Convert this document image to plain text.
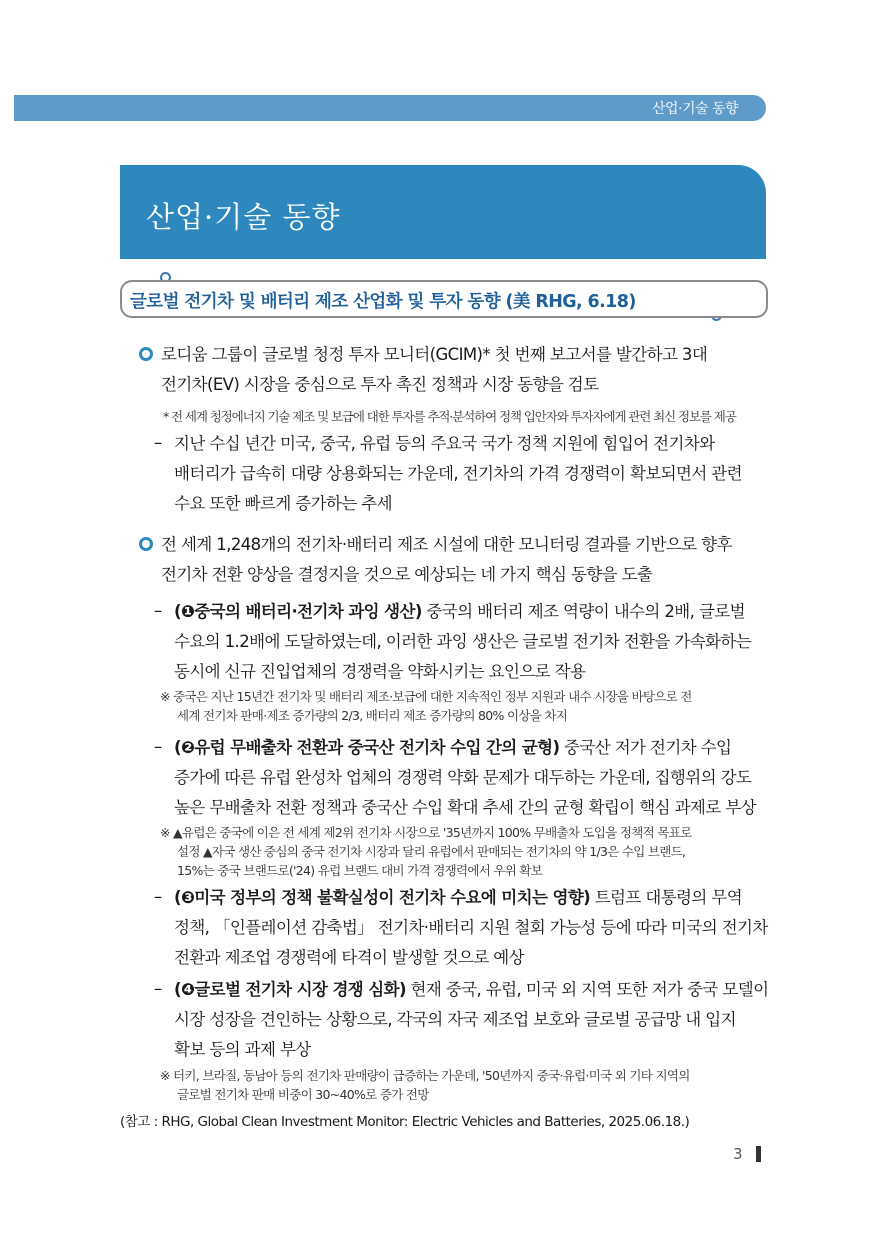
산업·기술 동향
산업·기술 동향
글로벌 전기차 및 배터리 제조 산업화 및 투자 동향 (美 RHG, 6.18)
로디움 그룹이 글로벌 청정 투자 모니터(GCIM)* 첫 번째 보고서를 발간하고 3대
전기차(EV) 시장을 중심으로 투자 촉진 정책과 시장 동향을 검토
* 전 세계 청정에너지 기술 제조 및 보급에 대한 투자를 추적·분석하여 정책 입안자와 투자자에게 관련 최신 정보를 제공
– 지난 수십 년간 미국, 중국, 유럽 등의 주요국 국가 정책 지원에 힘입어 전기차와
배터리가 급속히 대량 상용화되는 가운데, 전기차의 가격 경쟁력이 확보되면서 관련
수요 또한 빠르게 증가하는 추세
전 세계 1,248개의 전기차·배터리 제조 시설에 대한 모니터링 결과를 기반으로 향후
전기차 전환 양상을 결정지을 것으로 예상되는 네 가지 핵심 동향을 도출
– (❶중국의 배터리·전기차 과잉 생산) 중국의 배터리 제조 역량이 내수의 2배, 글로벌
수요의 1.2배에 도달하였는데, 이러한 과잉 생산은 글로벌 전기차 전환을 가속화하는
동시에 신규 진입업체의 경쟁력을 약화시키는 요인으로 작용
※ 중국은 지난 15년간 전기차 및 배터리 제조·보급에 대한 지속적인 정부 지원과 내수 시장을 바탕으로 전
세계 전기차 판매·제조 증가량의 2/3, 배터리 제조 증가량의 80% 이상을 차지
– (❷유럽 무배출차 전환과 중국산 전기차 수입 간의 균형) 중국산 저가 전기차 수입
증가에 따른 유럽 완성차 업체의 경쟁력 약화 문제가 대두하는 가운데, 집행위의 강도
높은 무배출차 전환 정책과 중국산 수입 확대 추세 간의 균형 확립이 핵심 과제로 부상
※ ▲유럽은 중국에 이은 전 세계 제2위 전기차 시장으로 '35년까지 100% 무배출차 도입을 정책적 목표로
설정 ▲자국 생산 중심의 중국 전기차 시장과 달리 유럽에서 판매되는 전기차의 약 1/3은 수입 브랜드,
15%는 중국 브랜드로('24) 유럽 브랜드 대비 가격 경쟁력에서 우위 확보
– (❸미국 정부의 정책 불확실성이 전기차 수요에 미치는 영향) 트럼프 대통령의 무역
정책, 「인플레이션 감축법」 전기차·배터리 지원 철회 가능성 등에 따라 미국의 전기차
전환과 제조업 경쟁력에 타격이 발생할 것으로 예상
– (❹글로벌 전기차 시장 경쟁 심화) 현재 중국, 유럽, 미국 외 지역 또한 저가 중국 모델이
시장 성장을 견인하는 상황으로, 각국의 자국 제조업 보호와 글로벌 공급망 내 입지
확보 등의 과제 부상
※ 터키, 브라질, 동남아 등의 전기차 판매량이 급증하는 가운데, '50년까지 중국·유럽·미국 외 기타 지역의
글로벌 전기차 판매 비중이 30~40%로 증가 전망
(참고 : RHG, Global Clean Investment Monitor: Electric Vehicles and Batteries, 2025.06.18.)
3
